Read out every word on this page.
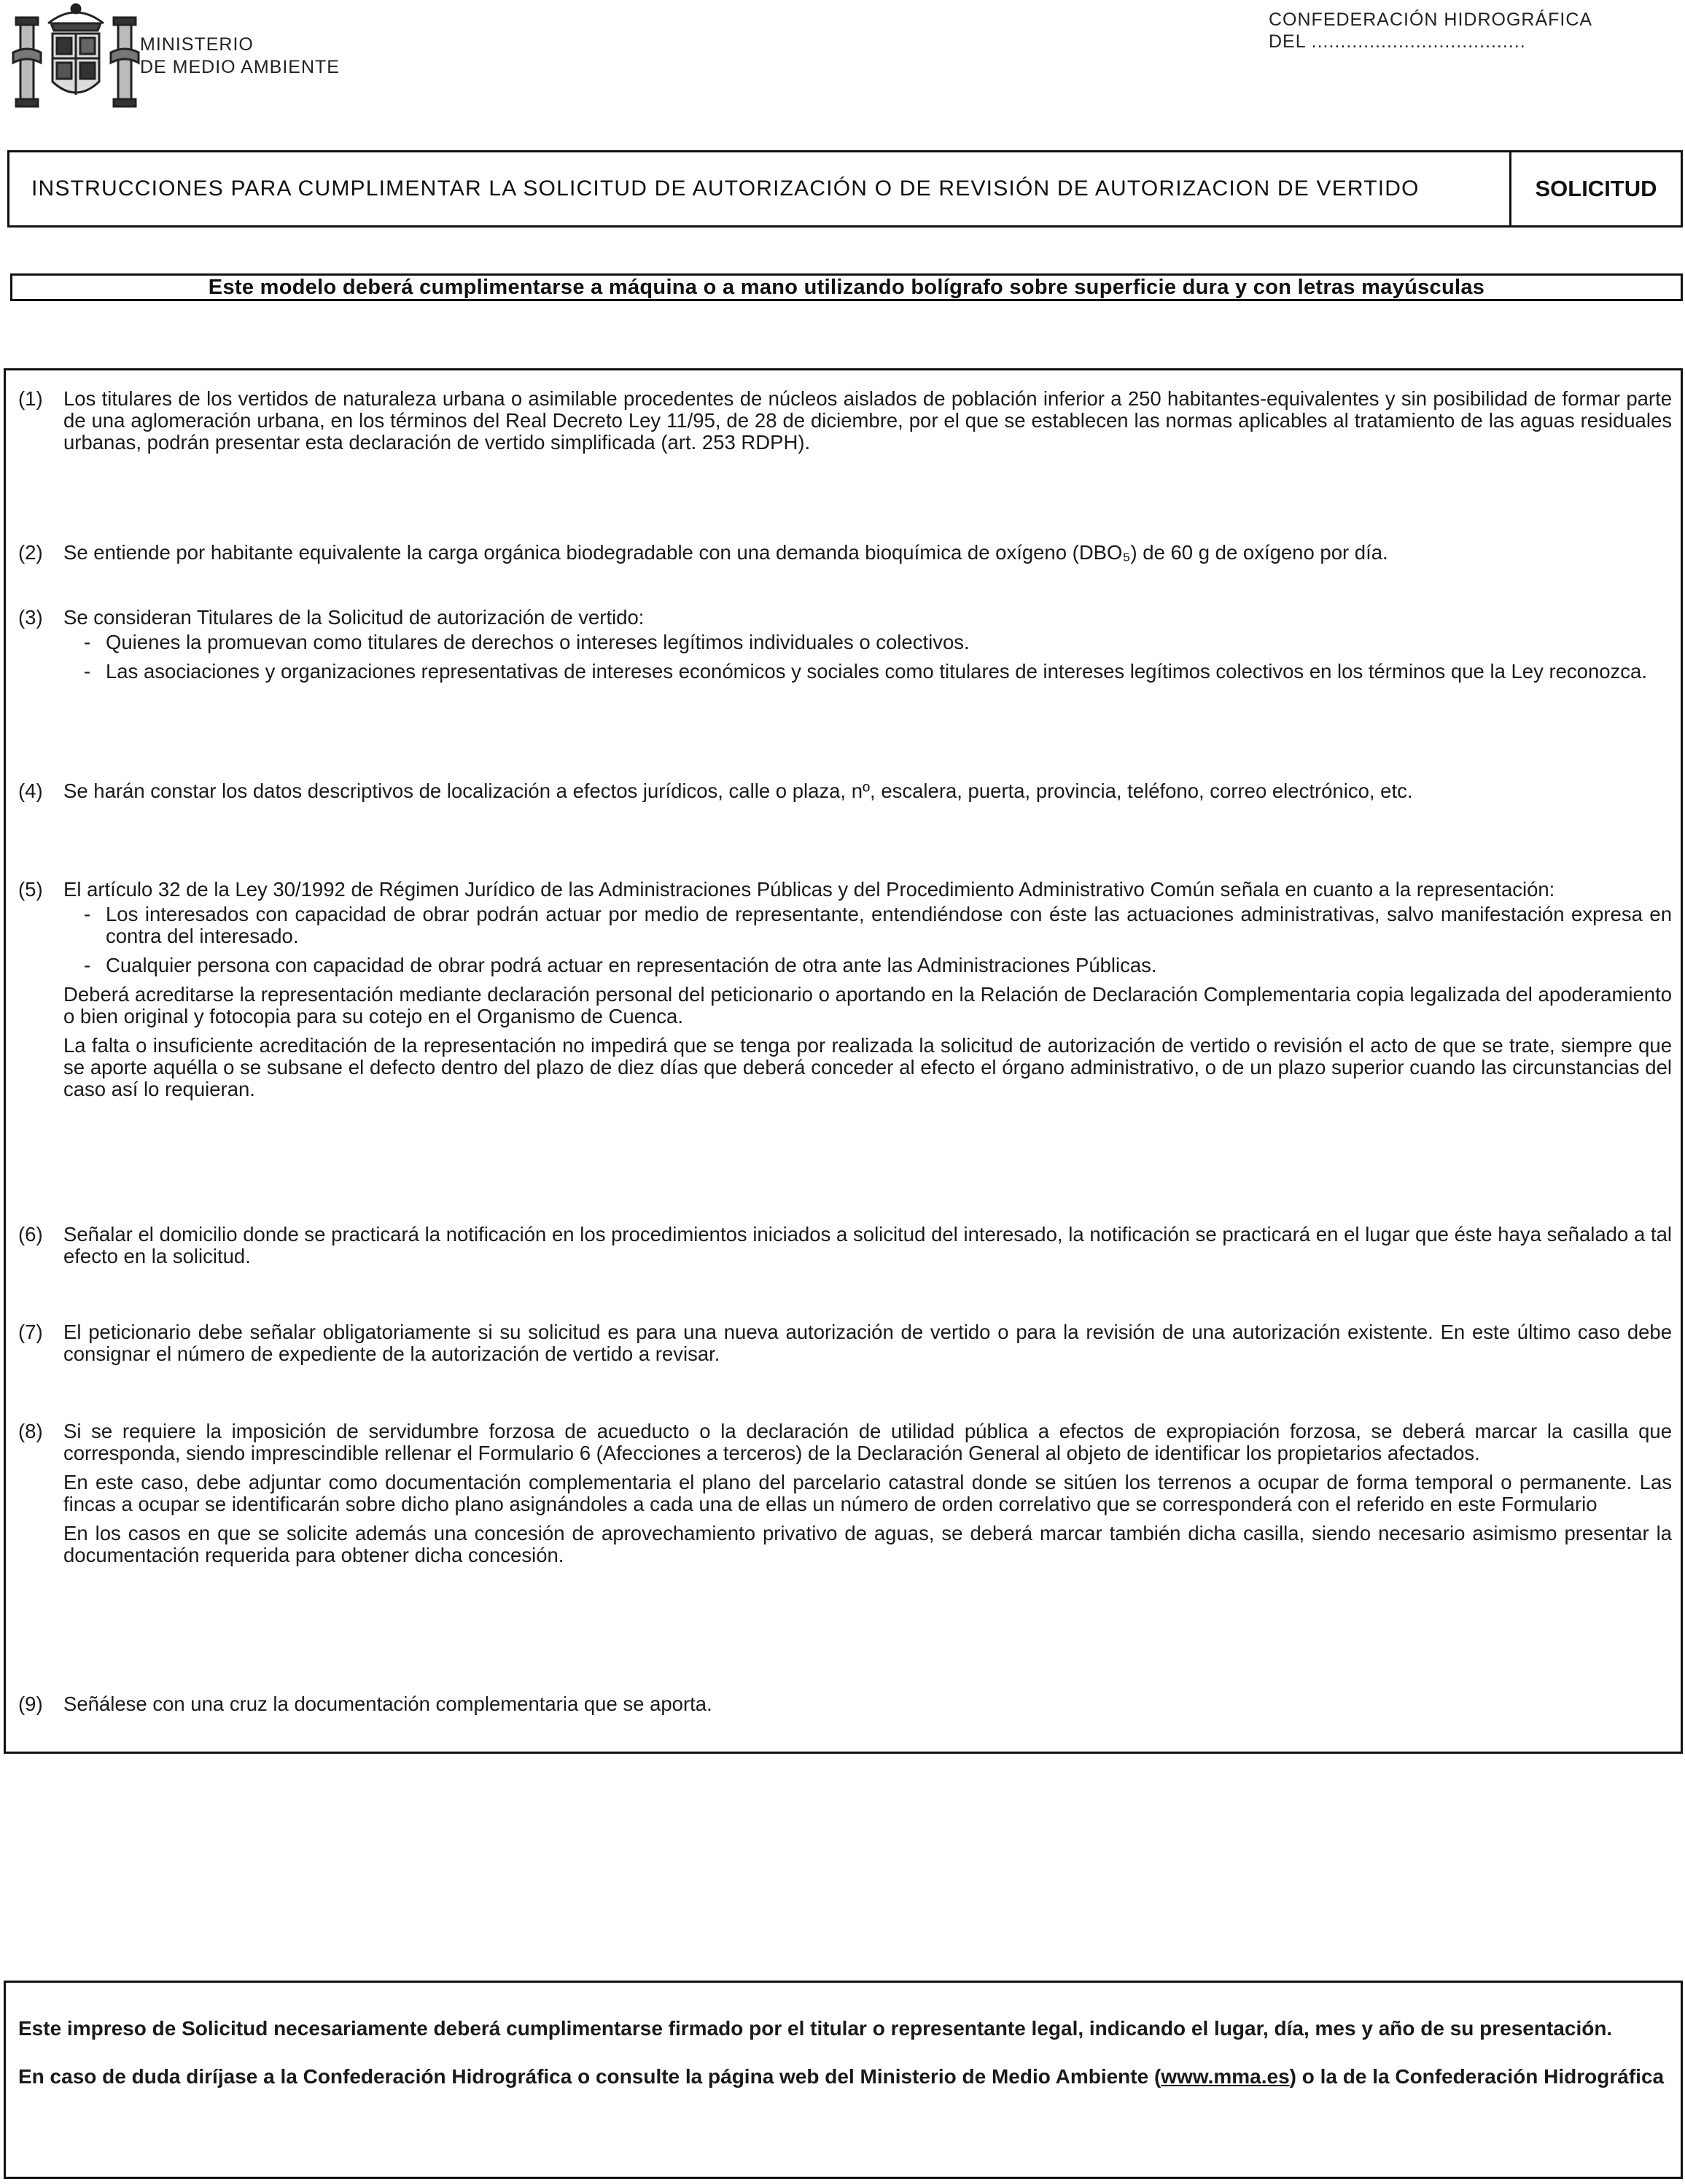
MINISTERIO
DE MEDIO AMBIENTE
CONFEDERACIÓN HIDROGRÁFICA
DEL .....................................
INSTRUCCIONES PARA CUMPLIMENTAR LA SOLICITUD DE AUTORIZACIÓN O DE REVISIÓN DE AUTORIZACION DE VERTIDO	SOLICITUD
Este modelo deberá cumplimentarse a máquina o a mano utilizando bolígrafo sobre superficie dura y con letras mayúsculas
(1) Los titulares de los vertidos de naturaleza urbana o asimilable procedentes de núcleos aislados de población inferior a 250 habitantes-equivalentes y sin posibilidad de formar parte de una aglomeración urbana, en los términos del Real Decreto Ley 11/95, de 28 de diciembre, por el que se establecen las normas aplicables al tratamiento de las aguas residuales urbanas, podrán presentar esta declaración de vertido simplificada (art. 253 RDPH).

(2) Se entiende por habitante equivalente la carga orgánica biodegradable con una demanda bioquímica de oxígeno (DBO₅) de 60 g de oxígeno por día.

(3) Se consideran Titulares de la Solicitud de autorización de vertido:

- Quienes la promuevan como titulares de derechos o intereses legítimos individuales o colectivos.
- Las asociaciones y organizaciones representativas de intereses económicos y sociales como titulares de intereses legítimos colectivos en los términos que la Ley reconozca.
(4) Se harán constar los datos descriptivos de localización a efectos jurídicos, calle o plaza, nº, escalera, puerta, provincia, teléfono, correo electrónico, etc.

(5) El artículo 32 de la Ley 30/1992 de Régimen Jurídico de las Administraciones Públicas y del Procedimiento Administrativo Común señala en cuanto a la representación:

- Los interesados con capacidad de obrar podrán actuar por medio de representante, entendiéndose con éste las actuaciones administrativas, salvo manifestación expresa en contra del interesado.
- Cualquier persona con capacidad de obrar podrá actuar en representación de otra ante las Administraciones Públicas.

Deberá acreditarse la representación mediante declaración personal del peticionario o aportando en la Relación de Declaración Complementaria copia legalizada del apoderamiento o bien original y fotocopia para su cotejo en el Organismo de Cuenca.

La falta o insuficiente acreditación de la representación no impedirá que se tenga por realizada la solicitud de autorización de vertido o revisión el acto de que se trate, siempre que se aporte aquélla o se subsane el defecto dentro del plazo de diez días que deberá conceder al efecto el órgano administrativo, o de un plazo superior cuando las circunstancias del caso así lo requieran.

(6) Señalar el domicilio donde se practicará la notificación en los procedimientos iniciados a solicitud del interesado, la notificación se practicará en el lugar que éste haya señalado a tal efecto en la solicitud.

(7) El peticionario debe señalar obligatoriamente si su solicitud es para una nueva autorización de vertido o para la revisión de una autorización existente. En este último caso debe consignar el número de expediente de la autorización de vertido a revisar.

(8) Si se requiere la imposición de servidumbre forzosa de acueducto o la declaración de utilidad pública a efectos de expropiación forzosa, se deberá marcar la casilla que corresponda, siendo imprescindible rellenar el Formulario 6 (Afecciones a terceros) de la Declaración General al objeto de identificar los propietarios afectados.

En este caso, debe adjuntar como documentación complementaria el plano del parcelario catastral donde se sitúen los terrenos a ocupar de forma temporal o permanente. Las fincas a ocupar se identificarán sobre dicho plano asignándoles a cada una de ellas un número de orden correlativo que se corresponderá con el referido en este Formulario

En los casos en que se solicite además una concesión de aprovechamiento privativo de aguas, se deberá marcar también dicha casilla, siendo necesario asimismo presentar la documentación requerida para obtener dicha concesión.

(9) Señálese con una cruz la documentación complementaria que se aporta.

Este impreso de Solicitud necesariamente deberá cumplimentarse firmado por el titular o representante legal, indicando el lugar, día, mes y año de su presentación.

En caso de duda diríjase a la Confederación Hidrográfica o consulte la página web del Ministerio de Medio Ambiente (www.mma.es) o la de la Confederación Hidrográfica
